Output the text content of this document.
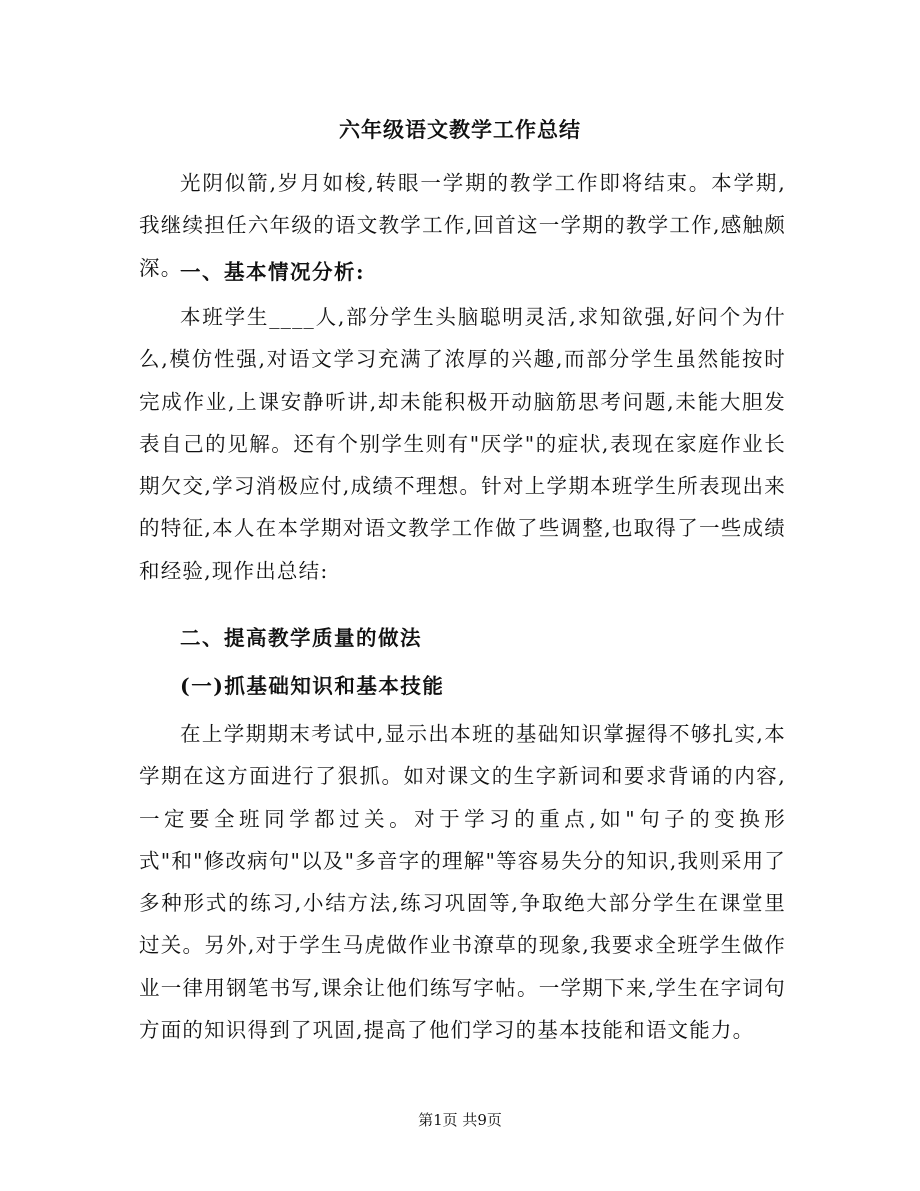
六年级语文教学工作总结

光阴似箭,岁月如梭,转眼一学期的教学工作即将结束。本学期,我继续担任六年级的语文教学工作,回首这一学期的教学工作,感触颇深。

一、基本情况分析:

本班学生____人,部分学生头脑聪明灵活,求知欲强,好问个为什么,模仿性强,对语文学习充满了浓厚的兴趣,而部分学生虽然能按时完成作业,上课安静听讲,却未能积极开动脑筋思考问题,未能大胆发表自己的见解。还有个别学生则有"厌学"的症状,表现在家庭作业长期欠交,学习消极应付,成绩不理想。针对上学期本班学生所表现出来的特征,本人在本学期对语文教学工作做了些调整,也取得了一些成绩和经验,现作出总结:

二、提高教学质量的做法
(一)抓基础知识和基本技能

在上学期期末考试中,显示出本班的基础知识掌握得不够扎实,本学期在这方面进行了狠抓。如对课文的生字新词和要求背诵的内容,一定要全班同学都过关。对于学习的重点,如"句子的变换形式"和"修改病句"以及"多音字的理解"等容易失分的知识,我则采用了多种形式的练习,小结方法,练习巩固等,争取绝大部分学生在课堂里过关。另外,对于学生马虎做作业书潦草的现象,我要求全班学生做作业一律用钢笔书写,课余让他们练写字帖。一学期下来,学生在字词句方面的知识得到了巩固,提高了他们学习的基本技能和语文能力。

第1页 共9页
